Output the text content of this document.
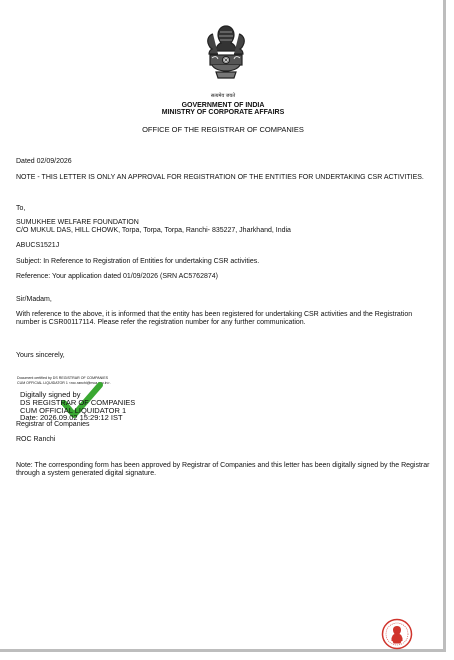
सत्यमेव जयते
GOVERNMENT OF INDIA
MINISTRY OF CORPORATE AFFAIRS
OFFICE OF THE REGISTRAR OF COMPANIES
Dated 02/09/2026
NOTE - THIS LETTER IS ONLY AN APPROVAL FOR REGISTRATION OF THE ENTITIES FOR UNDERTAKING CSR ACTIVITIES.
To,
SUMUKHEE WELFARE FOUNDATION
C/O MUKUL DAS, HILL CHOWK, Torpa, Torpa, Torpa, Ranchi- 835227, Jharkhand, India
ABUCS1521J
Subject: In Reference to Registration of Entities for undertaking CSR activities.
Reference: Your application dated 01/09/2026 (SRN AC5762874)
Sir/Madam,
With reference to the above, it is informed that the entity has been registered for undertaking CSR activities and the Registration number is CSR00117114. Please refer the registration number for any further communication.
Yours sincerely,
Document certified by DS REGISTRAR OF COMPANIES
CUM OFFICIAL LIQUIDATOR 1 <roc.ranchi@mca.gov.in>.
Digitally signed by
DS REGISTRAR OF COMPANIES
CUM OFFICIAL LIQUIDATOR 1
Date: 2026.09.02 15:29:12 IST
Registrar of Companies
ROC Ranchi
Note: The corresponding form has been approved by Registrar of Companies and this letter has been digitally signed by the Registrar through a system generated digital signature.
